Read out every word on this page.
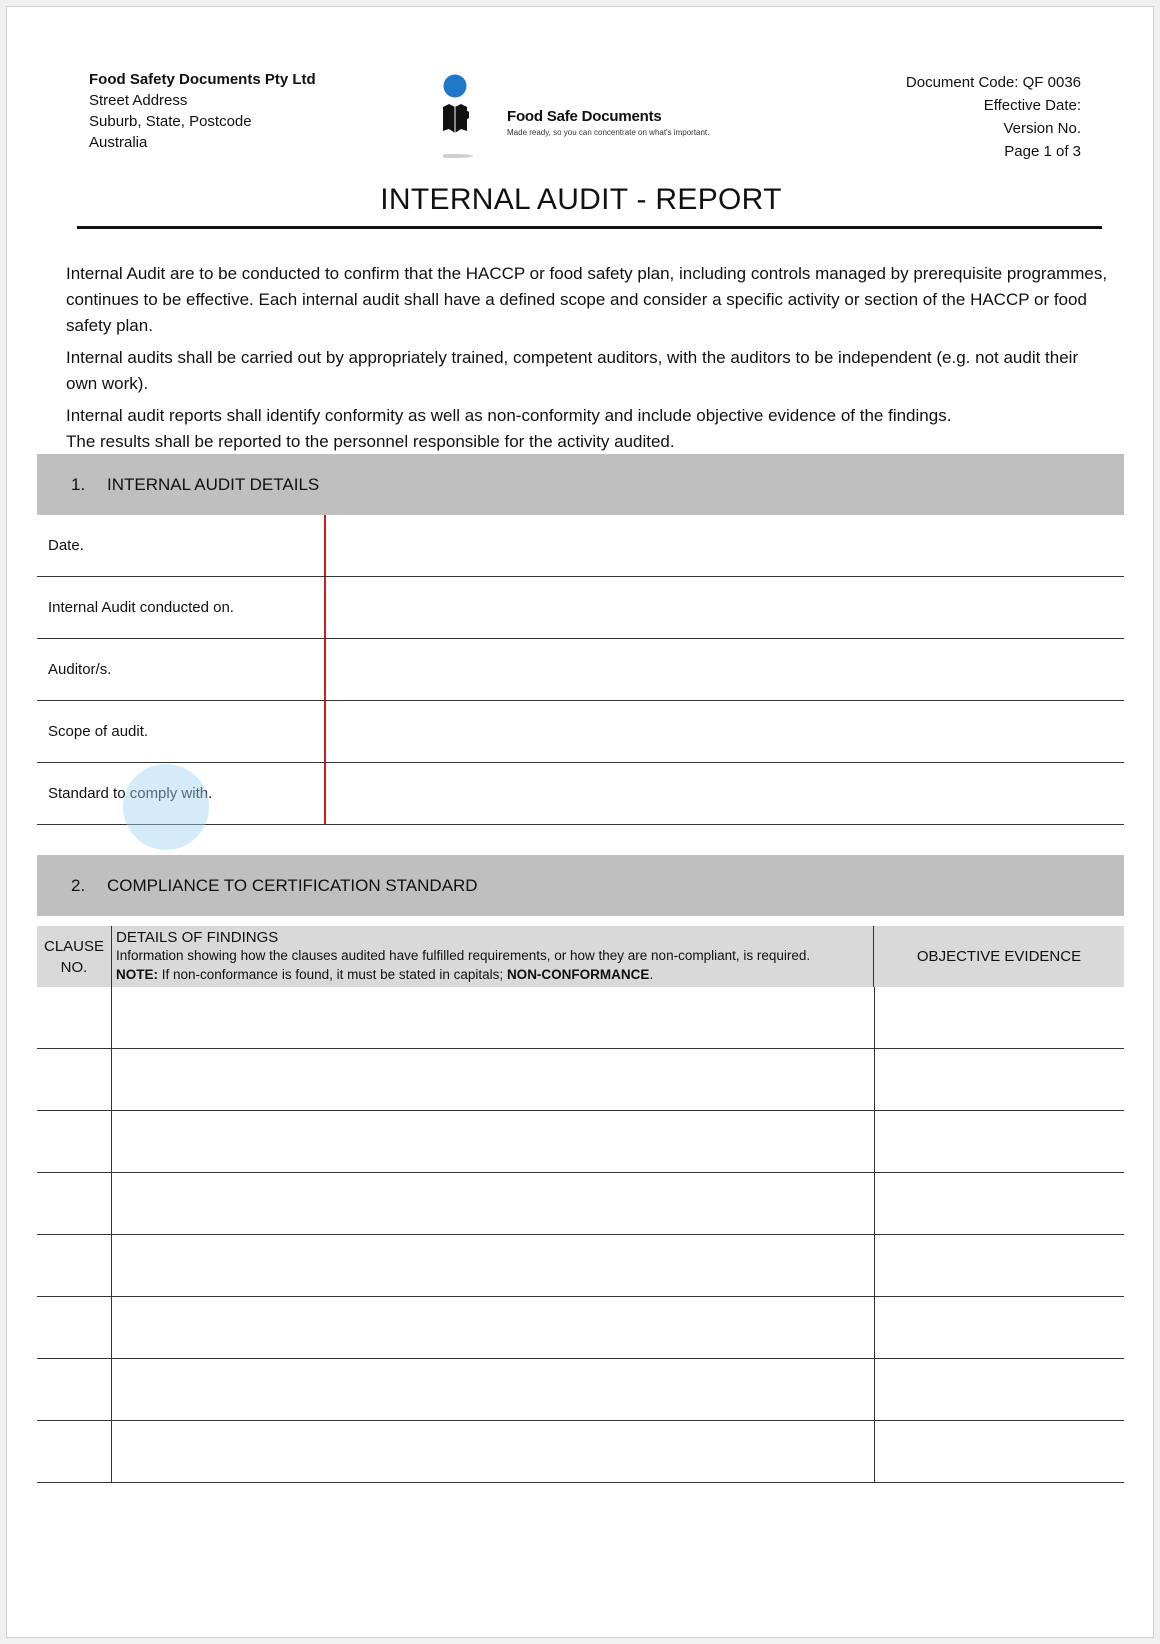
Food Safety Documents Pty Ltd
Street Address
Suburb, State, Postcode
Australia
Food Safe Documents
Made ready, so you can concentrate on what's important.
Document Code: QF 0036
Effective Date:
Version No.
Page 1 of 3
INTERNAL AUDIT - REPORT

Internal Audit are to be conducted to confirm that the HACCP or food safety plan, including controls managed by prerequisite programmes, continues to be effective. Each internal audit shall have a defined scope and consider a specific activity or section of the HACCP or food safety plan.

Internal audits shall be carried out by appropriately trained, competent auditors, with the auditors to be independent (e.g. not audit their own work).

Internal audit reports shall identify conformity as well as non-conformity and include objective evidence of the findings.

The results shall be reported to the personnel responsible for the activity audited.

1. INTERNAL AUDIT DETAILS
Date.
Internal Audit conducted on.
Auditor/s.
Scope of audit.
Standard to comply with.
2. COMPLIANCE TO CERTIFICATION STANDARD
CLAUSE
NO.
DETAILS OF FINDINGS
Information showing how the clauses audited have fulfilled requirements, or how they are non-compliant, is required.
NOTE: If non-conformance is found, it must be stated in capitals; NON-CONFORMANCE.
OBJECTIVE EVIDENCE
